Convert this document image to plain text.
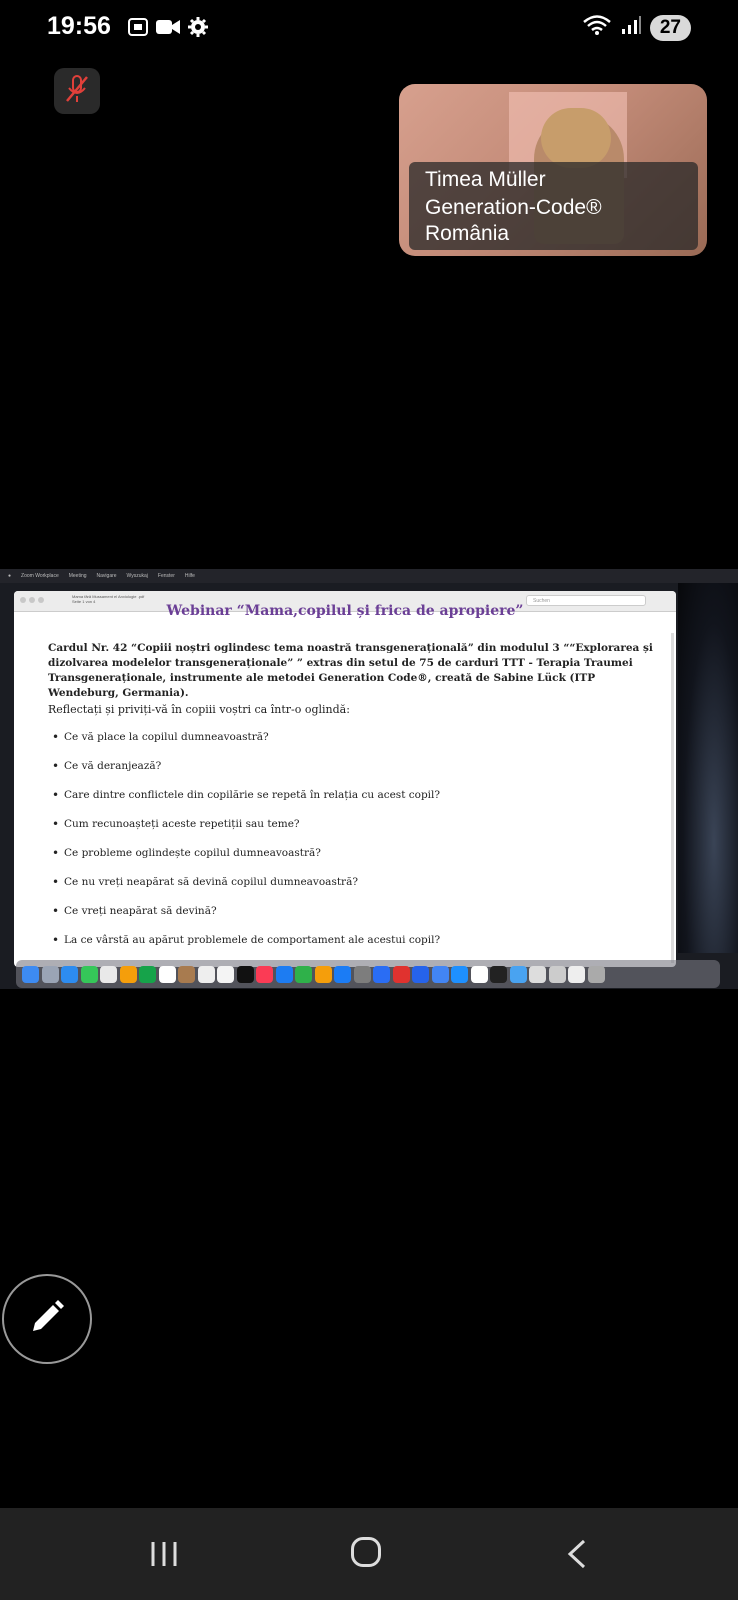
19:56	27
Timea Müller
Generation-Code®
România
● Zoom Workplace Meeting Navigare Wyszukaj Fenster Hilfe
Mama fără Mussament el Anxiologie .pdf
Seite 1 von 4	Suchen
Webinar “Mama,copilul și frica de apropiere”
Cardul Nr. 42 “Copiii noștri oglindesc tema noastră transgenerațională” din modulul 3 ““Explorarea și dizolvarea modelelor transgeneraționale” ” extras din setul de 75 de carduri TTT - Terapia Traumei Transgeneraționale, instrumente ale metodei Generation Code®, creată de Sabine Lück (ITP Wendeburg, Germania).
Reflectați și priviți-vă în copiii voștri ca într-o oglindă:
• Ce vă place la copilul dumneavoastră?
• Ce vă deranjează?
• Care dintre conflictele din copilărie se repetă în relația cu acest copil?
• Cum recunoașteți aceste repetiții sau teme?
• Ce probleme oglindește copilul dumneavoastră?
• Ce nu vreți neapărat să devină copilul dumneavoastră?
• Ce vreți neapărat să devină?
• La ce vârstă au apărut problemele de comportament ale acestui copil?
